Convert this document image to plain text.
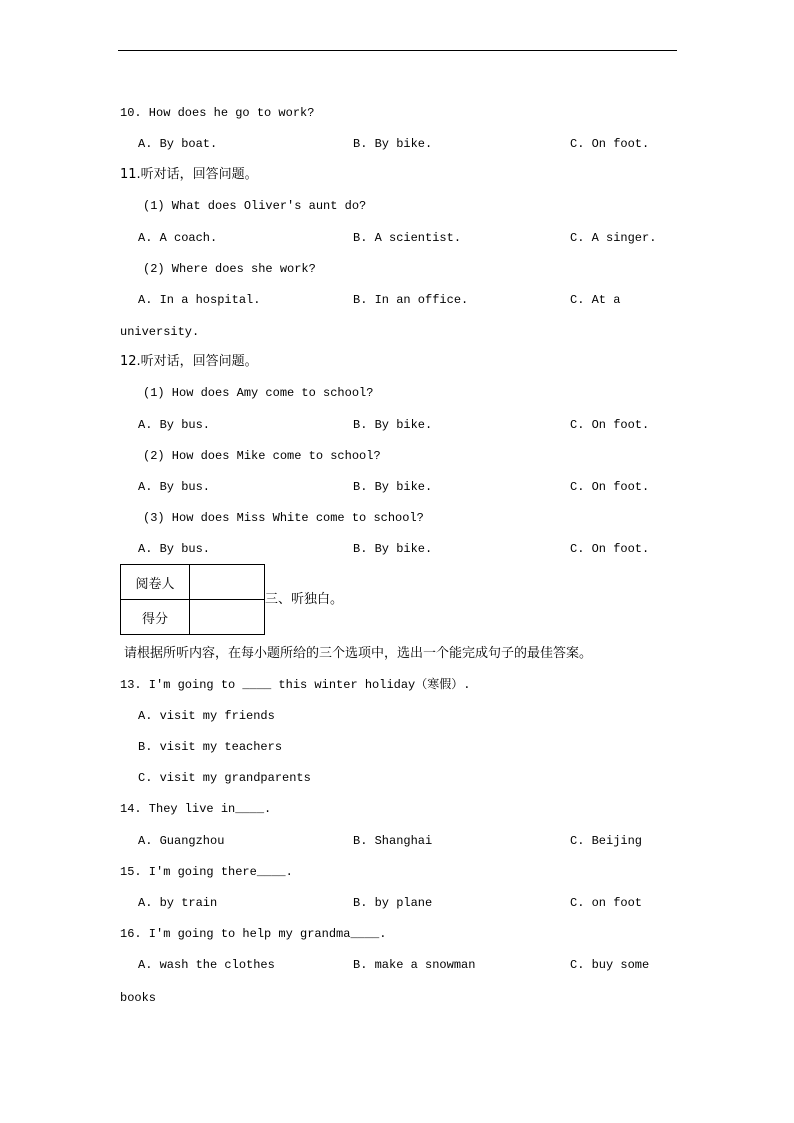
10. How does he go to work?
A. By boat.	B. By bike.	C. On foot.
11.听对话，回答问题。
(1) What does Oliver's aunt do?
A. A coach.	B. A scientist.	C. A singer.
(2) Where does she work?
A. In a hospital.	B. In an office.	C. At a
university.
12.听对话，回答问题。
(1) How does Amy come to school?
A. By bus.	B. By bike.	C. On foot.
(2) How does Mike come to school?
A. By bus.	B. By bike.	C. On foot.
(3) How does Miss White come to school?
A. By bus.	B. By bike.	C. On foot.
阅卷人	
得分	
三、听独白。
请根据所听内容，在每小题所给的三个选项中，选出一个能完成句子的最佳答案。
13. I'm going to ____ this winter holiday（寒假）.
A. visit my friends
B. visit my teachers
C. visit my grandparents
14. They live in____.
A. Guangzhou	B. Shanghai	C. Beijing
15. I'm going there____.
A. by train	B. by plane	C. on foot
16. I'm going to help my grandma____.
A. wash the clothes	B. make a snowman	C. buy some
books
